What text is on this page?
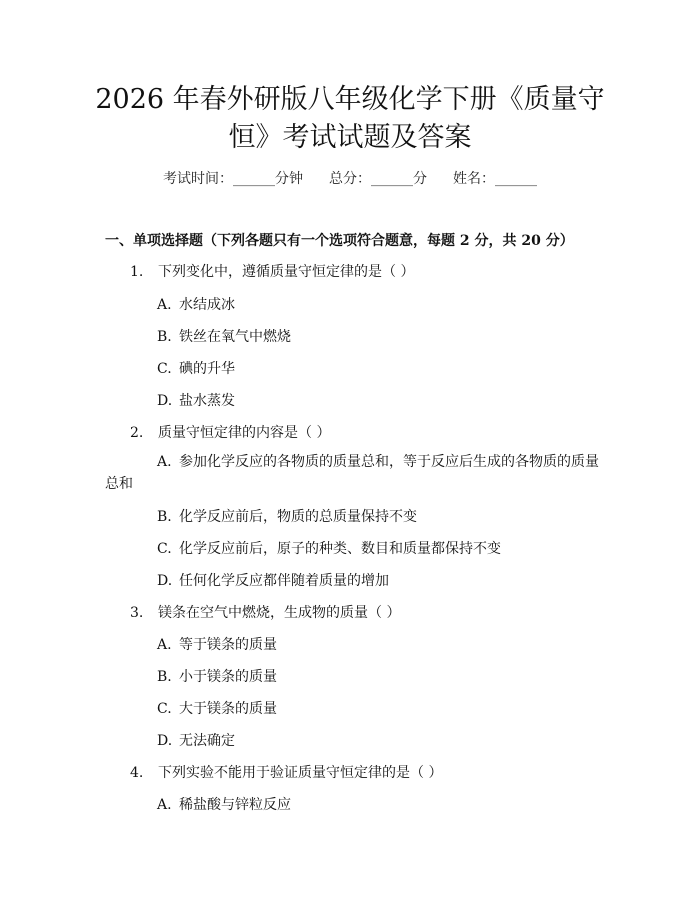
2026 年春外研版八年级化学下册《质量守
恒》考试试题及答案
考试时间：______分钟 总分：______分 姓名：______
一、单项选择题（下列各题只有一个选项符合题意，每题 2 分，共 20 分）
1. 下列变化中，遵循质量守恒定律的是（ ）
A. 水结成冰
B. 铁丝在氧气中燃烧
C. 碘的升华
D. 盐水蒸发
2. 质量守恒定律的内容是（ ）
A. 参加化学反应的各物质的质量总和，等于反应后生成的各物质的质量总和
B. 化学反应前后，物质的总质量保持不变
C. 化学反应前后，原子的种类、数目和质量都保持不变
D. 任何化学反应都伴随着质量的增加
3. 镁条在空气中燃烧，生成物的质量（ ）
A. 等于镁条的质量
B. 小于镁条的质量
C. 大于镁条的质量
D. 无法确定
4. 下列实验不能用于验证质量守恒定律的是（ ）
A. 稀盐酸与锌粒反应
